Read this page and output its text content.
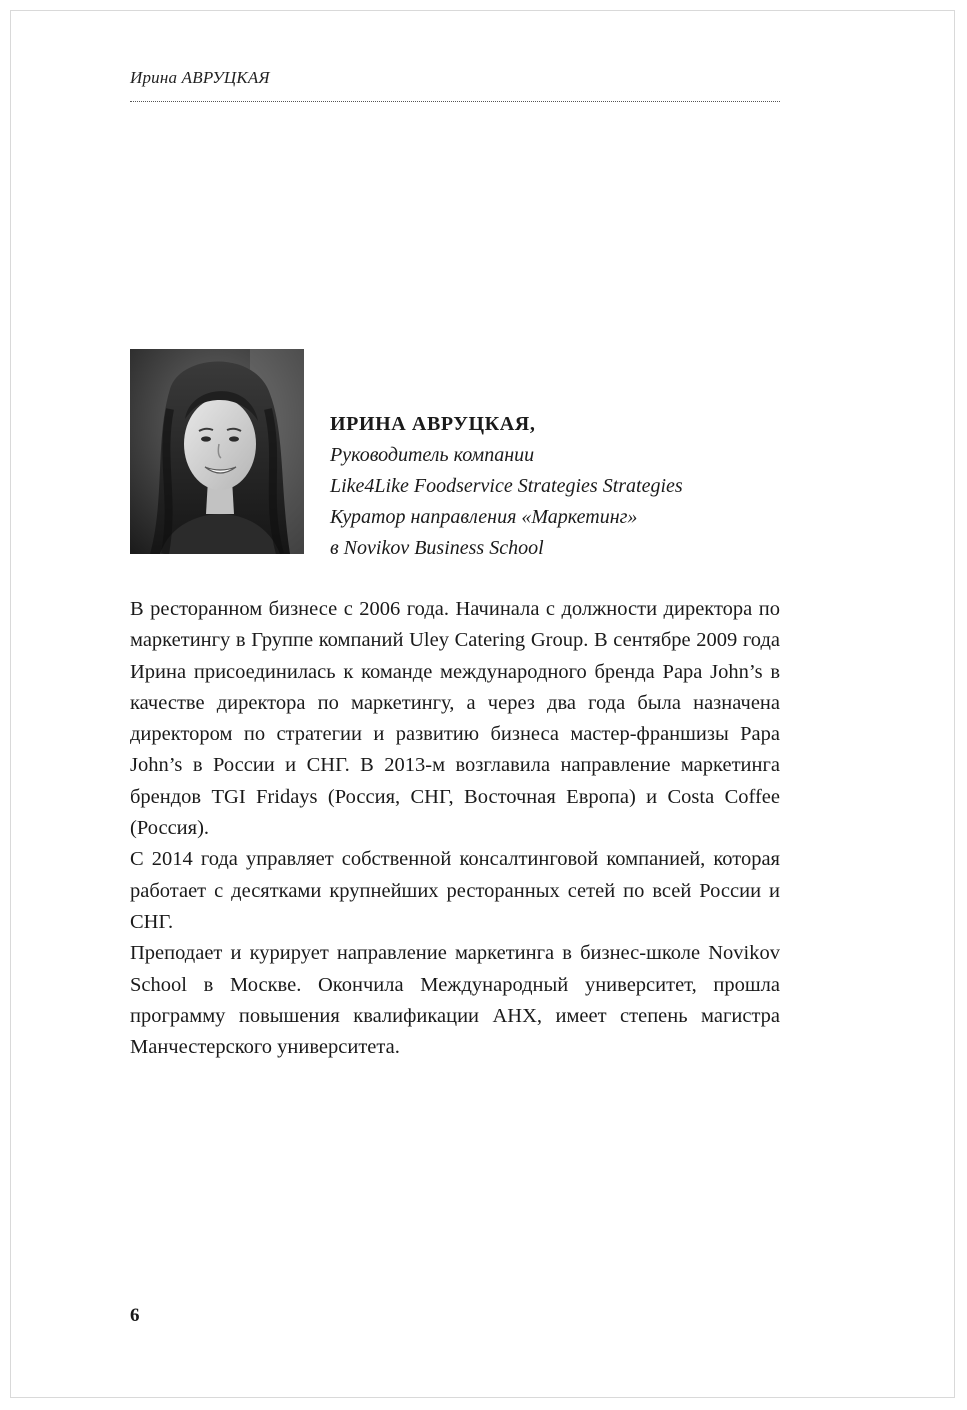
Ирина АВРУЦКАЯ
ИРИНА АВРУЦКАЯ,
Руководитель компании
Like4Like Foodservice Strategies Strategies
Куратор направления «Маркетинг»
в Novikov Business School

В ресторанном бизнесе с 2006 года. Начинала с должности директора по маркетингу в Группе компаний Uley Catering Group. В сентябре 2009 года Ирина присоединилась к команде международного бренда Papa John’s в качестве директора по маркетингу, а через два года была назначена директором по стратегии и развитию бизнеса мастер-франшизы Papa John’s в России и СНГ. В 2013-м возглавила направление маркетинга брендов TGI Fridays (Россия, СНГ, Восточная Европа) и Costa Coffee (Россия).

С 2014 года управляет собственной консалтинговой компанией, которая работает с десятками крупнейших ресторанных сетей по всей России и СНГ.

Преподает и курирует направление маркетинга в бизнес-школе Novikov School в Москве. Окончила Международный университет, прошла программу повышения квалификации АНХ, имеет степень магистра Манчестерского университета.

6
